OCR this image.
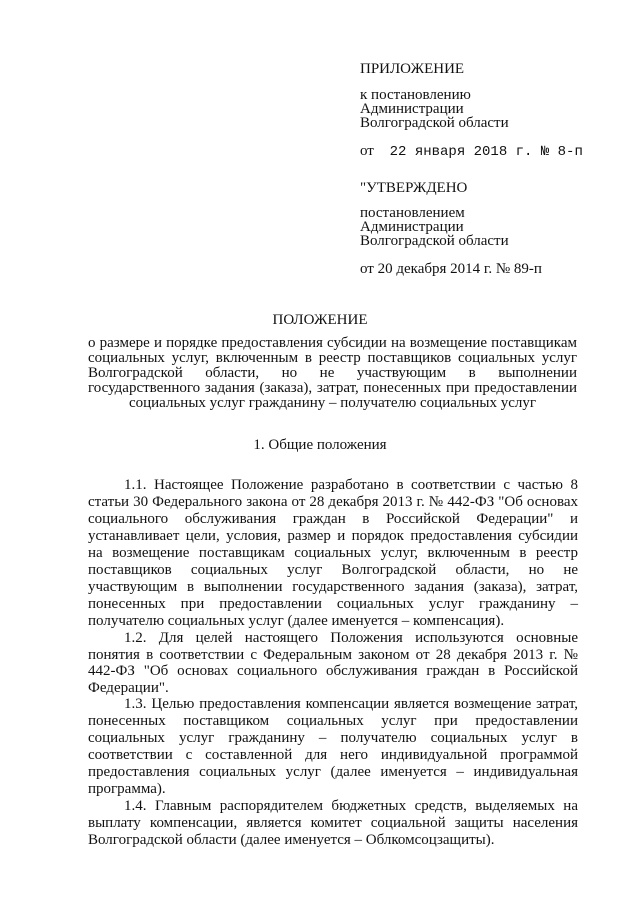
ПРИЛОЖЕНИЕ
к постановлению
Администрации
Волгоградской области
от 22 января 2018 г. № 8-п
"УТВЕРЖДЕНО
постановлением
Администрации
Волгоградской области
от 20 декабря 2014 г. № 89-п
ПОЛОЖЕНИЕ
о размере и порядке предоставления субсидии на возмещение поставщикам социальных услуг, включенным в реестр поставщиков социальных услуг Волгоградской области, но не участвующим в выполнении государственного задания (заказа), затрат, понесенных при предоставлении социальных услуг гражданину – получателю социальных услуг
1. Общие положения

1.1. Настоящее Положение разработано в соответствии с частью 8 статьи 30 Федерального закона от 28 декабря 2013 г. № 442-ФЗ "Об основах социального обслуживания граждан в Российской Федерации" и устанавливает цели, условия, размер и порядок предоставления субсидии на возмещение поставщикам социальных услуг, включенным в реестр поставщиков социальных услуг Волгоградской области, но не участвующим в выполнении государственного задания (заказа), затрат, понесенных при предоставлении социальных услуг гражданину – получателю социальных услуг (далее именуется – компенсация).

1.2. Для целей настоящего Положения используются основные понятия в соответствии с Федеральным законом от 28 декабря 2013 г. № 442-ФЗ "Об основах социального обслуживания граждан в Российской Федерации".

1.3. Целью предоставления компенсации является возмещение затрат, понесенных поставщиком социальных услуг при предоставлении социальных услуг гражданину – получателю социальных услуг в соответствии с составленной для него индивидуальной программой предоставления социальных услуг (далее именуется – индивидуальная программа).

1.4. Главным распорядителем бюджетных средств, выделяемых на выплату компенсации, является комитет социальной защиты населения Волгоградской области (далее именуется – Облкомсоцзащиты).
